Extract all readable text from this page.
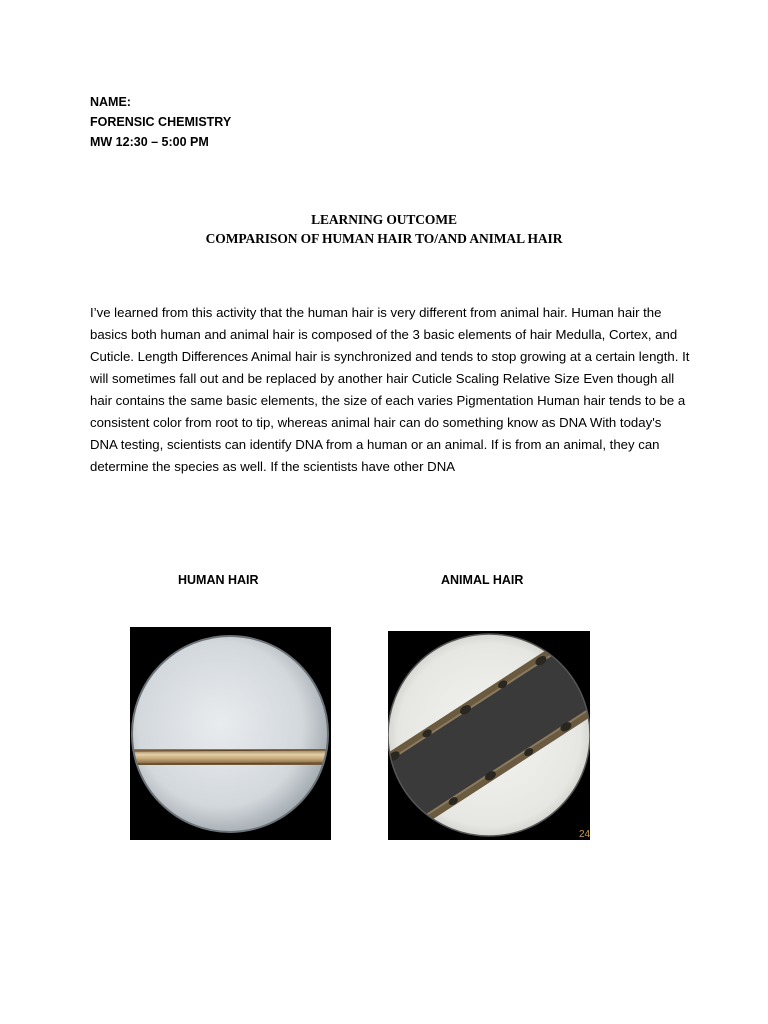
NAME:
FORENSIC CHEMISTRY
MW 12:30 – 5:00 PM
LEARNING OUTCOME
COMPARISON OF HUMAN HAIR TO/AND ANIMAL HAIR

I’ve learned from this activity that the human hair is very different from animal hair. Human hair the basics both human and animal hair is composed of the 3 basic elements of hair Medulla, Cortex, and Cuticle. Length Differences Animal hair is synchronized and tends to stop growing at a certain length. It will sometimes fall out and be replaced by another hair Cuticle Scaling Relative Size Even though all hair contains the same basic elements, the size of each varies Pigmentation Human hair tends to be a consistent color from root to tip, whereas animal hair can do something know as DNA With today's DNA testing, scientists can identify DNA from a human or an animal. If is from an animal, they can determine the species as well. If the scientists have other DNA

HUMAN HAIR	ANIMAL HAIR
24
